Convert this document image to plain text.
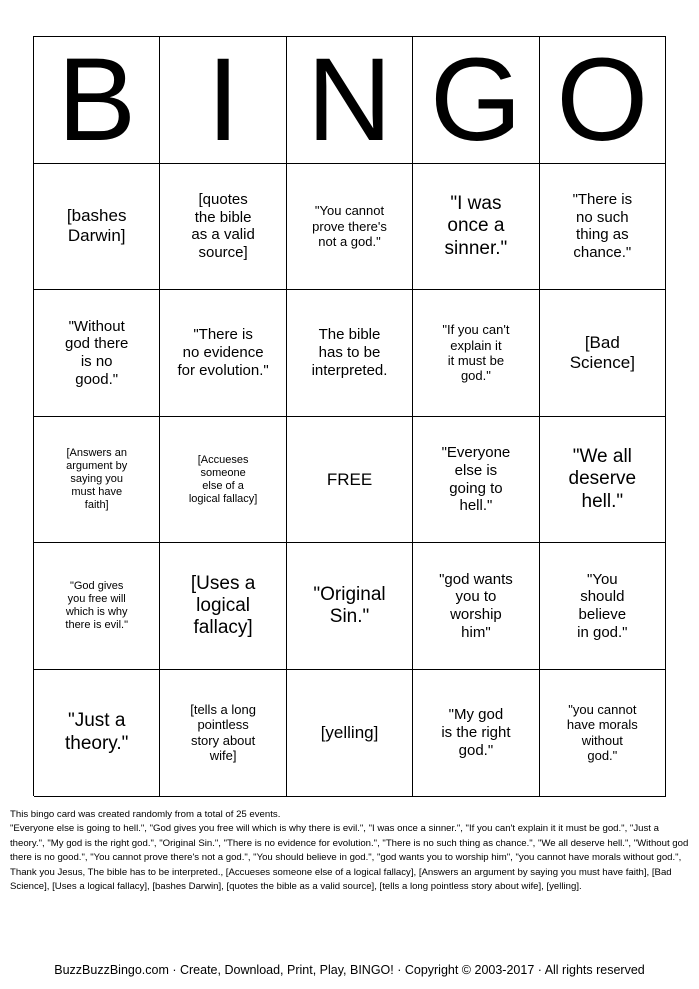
B I N G O
[bashes
Darwin]
[quotes
the bible
as a valid
source]
"You cannot
prove there's
not a god."
"I was
once a
sinner."
"There is
no such
thing as
chance."
"Without
god there
is no
good."
"There is
no evidence
for evolution."
The bible
has to be
interpreted.
"If you can't
explain it
it must be
god."
[Bad
Science]
[Answers an
argument by
saying you
must have
faith]
[Accueses
someone
else of a
logical fallacy]
FREE
"Everyone
else is
going to
hell."
"We all
deserve
hell."
"God gives
you free will
which is why
there is evil."
[Uses a
logical
fallacy]
"Original
Sin."
"god wants
you to
worship
him"
"You
should
believe
in god."
"Just a
theory."
[tells a long
pointless
story about
wife]
[yelling]
"My god
is the right
god."
"you cannot
have morals
without
god."

This bingo card was created randomly from a total of 25 events.

"Everyone else is going to hell.", "God gives you free will which is why there is evil.", "I was once a sinner.", "If you can't explain it it must be god.", "Just a theory.", "My god is the right god.", "Original Sin.", "There is no evidence for evolution.", "There is no such thing as chance.", "We all deserve hell.", "Without god there is no good.", "You cannot prove there's not a god.", "You should believe in god.", "god wants you to worship him", "you cannot have morals without god.", Thank you Jesus, The bible has to be interpreted., [Accueses someone else of a logical fallacy], [Answers an argument by saying you must have faith], [Bad Science], [Uses a logical fallacy], [bashes Darwin], [quotes the bible as a valid source], [tells a long pointless story about wife], [yelling].

BuzzBuzzBingo.com · Create, Download, Print, Play, BINGO! · Copyright © 2003-2017 · All rights reserved
